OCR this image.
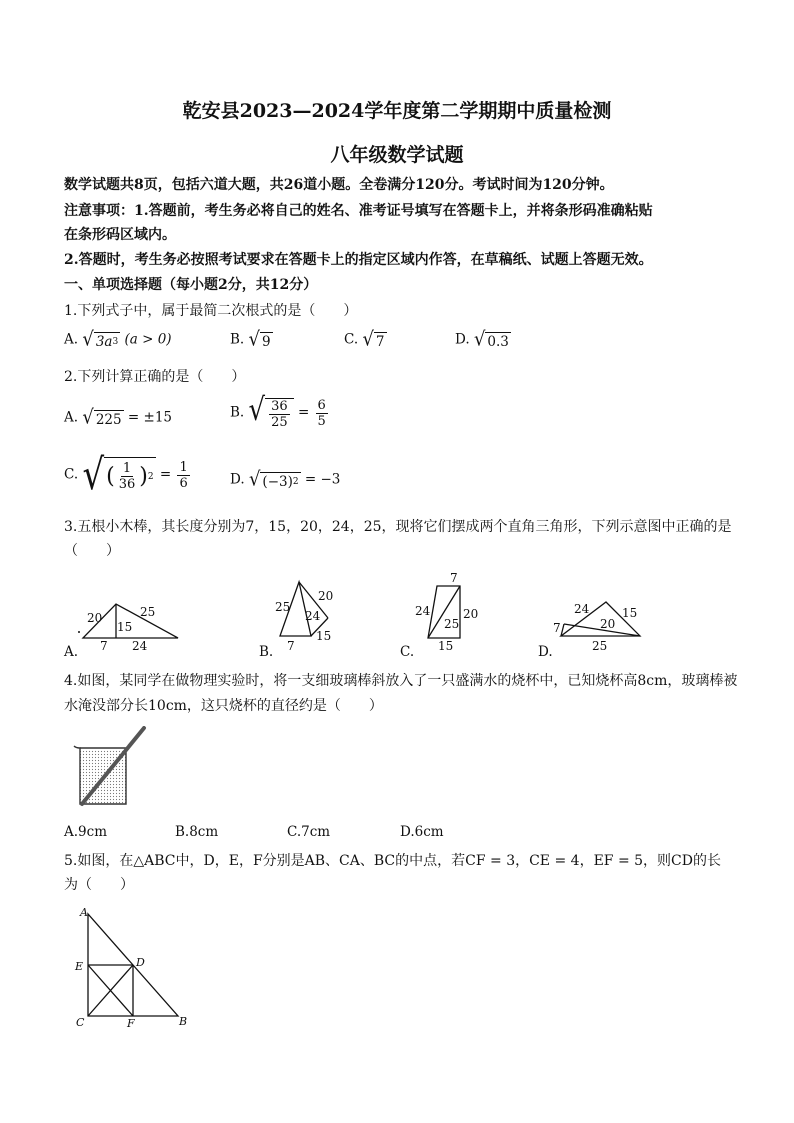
乾安县2023—2024学年度第二学期期中质量检测
八年级数学试题
数学试题共8页，包括六道大题，共26道小题。全卷满分120分。考试时间为120分钟。
注意事项：1.答题前，考生务必将自己的姓名、准考证号填写在答题卡上，并将条形码准确粘贴
在条形码区域内。
2.答题时，考生务必按照考试要求在答题卡上的指定区域内作答，在草稿纸、试题上答题无效。
一、单项选择题（每小题2分，共12分）
1.下列式子中，属于最简二次根式的是（　　）
A. √ 3a 3 (a > 0)	B. √ 9	C. √ 7	D. √ 0.3
2.下列计算正确的是（　　）
A. √ 225 = ±15	B. √ $\frac{36}{25} = \frac{6}{5}$
C. √ ( $\frac{1}{36}$ ) $2 = \frac{1}{6}$	D. √ (−3) 2 = −3
3.五根小木棒，其长度分别为7，15，20，24，25，现将它们摆成两个直角三角形，下列示意图中正确的是
（　　）
20	25
15
7 24
A.
25
20
24
7
15
B.
7
24	20
25
15
C.
24	15
7	20
25
D.
4.如图，某同学在做物理实验时，将一支细玻璃棒斜放入了一只盛满水的烧杯中，已知烧杯高8cm，玻璃棒被
水淹没部分长10cm，这只烧杯的直径约是（　　）
A.9cm	B.8cm	C.7cm	D.6cm
5.如图，在△ABC中，D，E，F分别是AB、CA、BC的中点，若CF = 3，CE = 4，EF = 5，则CD的长
为（　　）
A
D
E
C	F	B
